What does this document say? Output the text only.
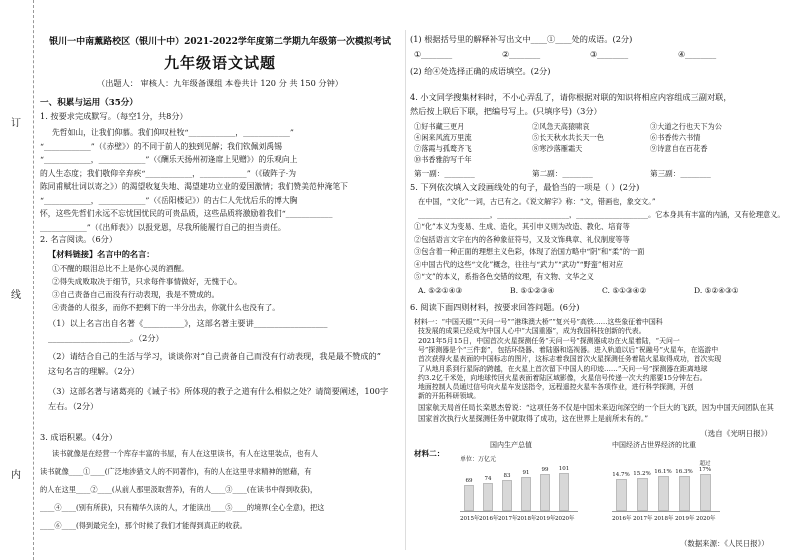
订
线
内
银川一中南薰路校区（银川十中）2021-2022学年度第二学期九年级第一次模拟考试
九年级语文试题
（出题人： 审核人：九年级备课组 本卷共计 120 分 共 150 分钟）
一、积累与运用（35分）
1. 按要求完成默写。（每空1分，共8分）
2. 名言阅读。（6分）
【材料链接】名言中的名言：
（1）以上名言出自名著《__________》，这部名著主要讲__________________
____________________。（2分）
（2）请结合自己的生活与学习，谈谈你对“自己责备自己而没有行动表现，我是最不赞成的”
这句名言的理解。（2分）
（3）这部名著与诸葛亮的《诫子书》所体现的教子之道有什么相似之处？请简要阐述，100字
左右。（2分）
3. 成语积累。（4分）
(1) 根据括号里的解释补写出文中____①____处的成语。(2分)
(2) 给④处选择正确的成语填空。(2分)
4. 小文同学搜集材料时，不小心弄乱了，请你根据对联的知识将相应内容组成三副对联，
然后按上联后下联，把编号写上。(只填序号)（3分）
5. 下列依次填入文段画线处的句子，最恰当的一项是（ ）(2分)
6. 阅读下面四则材料，按要求回答问题。(6分)
国家航天局首任局长栾恩杰曾说：“这项任务不仅是中国未来迈向深空的一个巨大的飞跃，因为中国天问团队在其国家首次执行火星探测任务中就取得了成功，这在世界上是前所未有的。”
（选自《光明日报》）
材料二：
国内生产总值
单位：万亿元
69	74
83	91	99	101
2015年 2016年 2017年 2018年 2019年 2020年
中国经济占世界经济的比重
14.7% 15.2% 16.1% 16.3%
超过17%
2016年 2017年 2018年 2019年 2020年
（数据来源：《人民日报》）
先哲如山，让我们仰慕。我们仰叹杜牧“____________，____________”
“____________”（《赤壁》）的不同于前人的独到见解；我们钦佩刘禹锡
“____________，____________”（《酬乐天扬州初逢席上见赠》）的乐观向上
的人生态度；我们敬仰辛弃疾“____________，____________”（《破阵子·为
陈同甫赋壮词以寄之》）的渴望收复失地、渴望建功立业的爱国激情；我们赞美范仲淹笔下
“____________，____________”（《岳阳楼记》）的古仁人先忧后乐的博大胸
怀，这些先哲们永远不忘忧国忧民的可贵品质，这些品质将激励着我们“____________
____________”（《出师表》）以报党恩，尽我所能履行自己的担当责任。
①不醒的眼泪总比不上是你心灵的酒醒。
②得失成败取决于细节，只求每件事情做好，无愧于心。
③自己责备自己而没有行动表现，我是不赞成的。
④责备的人很多，而你不把剩下的一半分出去，你就什么也没有了。
读书就像是在经营一个库存丰富的书屋，有人在这里读书，有人在这里装点，也有人
读书就像____①____(广泛地涉猎文人的不同著作)，有的人在这里寻求精神的慰藉，有
的人在这里____②____(从前人那里汲取营养)，有的人____③____(在读书中得到收获)，
____④____(别有所获)，只有精华久读的人，才能读出____⑤____的境界(全心全意)，把这
____⑥____(得到最完全)，那个时候了我们才能得到真正的收获。
①________	②________	③________	④________
①好书藏三更月	②风急天高猿啸哀	③大道之行也天下为公
④闲来风流万里流	⑤长天秋水共长天一色	⑥书香传六书情
⑦落霞与孤鹜齐飞	⑧寒沙落雁霜天	⑨诗意自在百花香
⑩书香雅韵写千年
第一副：________	第二副：________	第三副：________
在中国，“文化”一词，古已有之。《说文解字》称：“文，错画也，象交文。”
____________________，____________________，____________________。它本身具有丰富的内涵，又有伦理意义。
①“化”本义为变易、生成、造化，其引申义则为改造、教化、培育等
②包括语言文字在内的各种象征符号，又及文饰典章、礼仪制度等等
③包含着一种正面的理想主义色彩，体现了治国方略中“阴”和“柔”的一面
④中国古代的这些“文化”概念，往往与“武力”“武功”“野蛮”相对应
⑤“文”的本义，系指各色交错的纹理，有文物、文华之义
A. ⑤②①④③	B. ⑤①②③④	C. ⑤①③④②	D. ⑤②④③①
材料一：“中国天眼”“天问一号”“港珠澳大桥”“复兴号”高铁……这些象征着中国科
技发展的成果已经成为中国人心中“大国重器”，成为我国科技创新的代表。
2021年5月15日，中国首次火星探测任务“天问一号”探测器成功在火星着陆，“天问一
号”探测器是个“三件套”，包括环绕器、着陆器和巡视器。进入轨道以后“祝融号”火星车，在巡游中
首次获得火星表面的中国标志的图片，这标志着我国首次火星探测任务着陆火星取得成功，首次实现
了从地月系到行星际的跨越，在火星上首次留下中国人的印迹……“天问一号”探测器在距离地球
约3.2亿千米处，向地球传回火星表面着陆区域影像，火星信号传递一次大约需要15分钟左右。
地面控制人员通过信号向火星车发送指令，远程遥控火星车各项作业，进行科学探测，开创
新的开拓科研领域。
